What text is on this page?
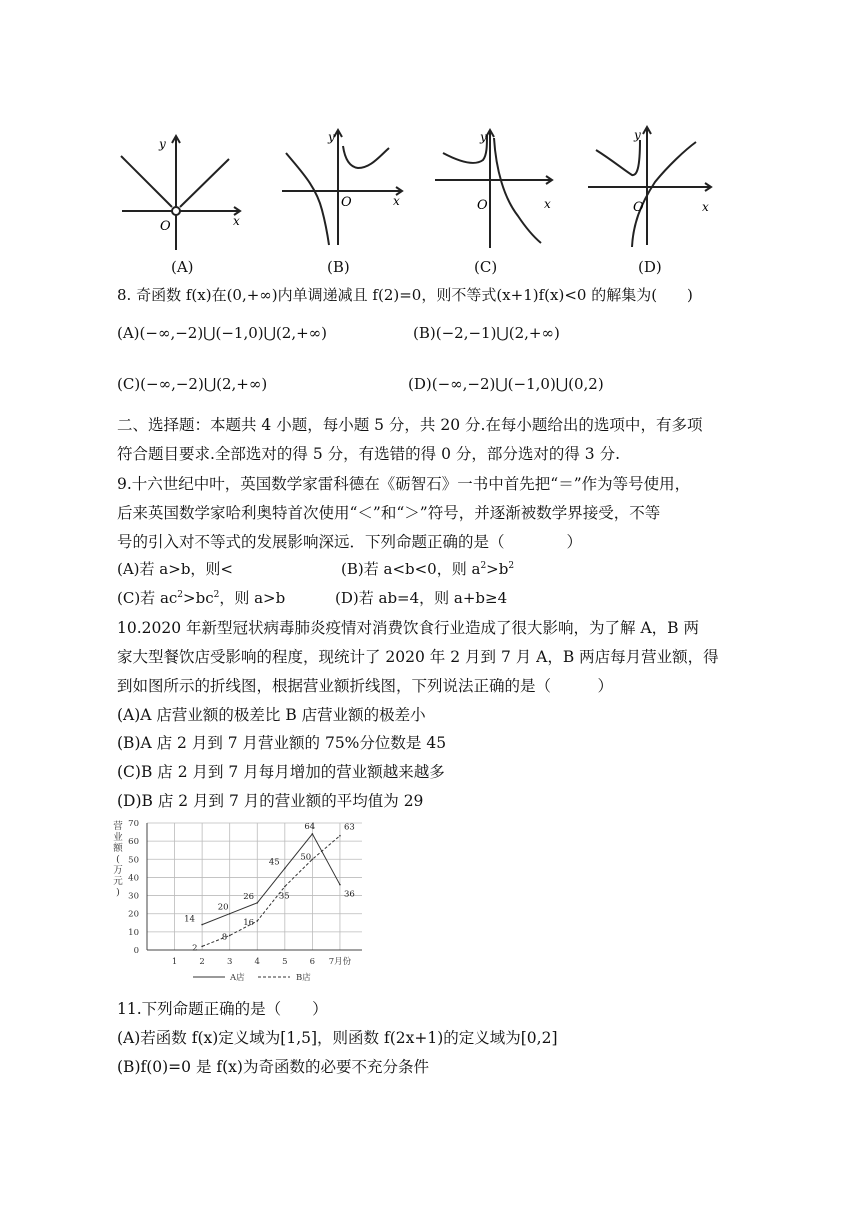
y
x
O
y
x
O
y
x
O
y
x
O
(A)	(B)	(C)	(D)
8. 奇函数 f(x)在(0,+∞)内单调递减且 f(2)=0，则不等式(x+1)f(x)<0 的解集为(　　)
(A)(−∞,−2)⋃(−1,0)⋃(2,+∞)	(B)(−2,−1)⋃(2,+∞)
(C)(−∞,−2)⋃(2,+∞)	(D)(−∞,−2)⋃(−1,0)⋃(0,2)
二、选择题：本题共 4 小题，每小题 5 分，共 20 分.在每小题给出的选项中，有多项
符合题目要求.全部选对的得 5 分，有选错的得 0 分，部分选对的得 3 分.
9.十六世纪中叶，英国数学家雷科德在《砺智石》一书中首先把“＝”作为等号使用，
后来英国数学家哈利奥特首次使用“＜”和“＞”符号，并逐渐被数学界接受，不等
号的引入对不等式的发展影响深远．下列命题正确的是（　　　　）
(A)若 a>b，则<	(B)若 a<b<0，则 $a^2>b^2$
(C)若 $ac^2>bc^2$，则 a>b	(D)若 ab=4，则 a+b≥4
10.2020 年新型冠状病毒肺炎疫情对消费饮食行业造成了很大影响，为了解 A，B 两
家大型餐饮店受影响的程度，现统计了 2020 年 2 月到 7 月 A，B 两店每月营业额，得
到如图所示的折线图，根据营业额折线图，下列说法正确的是（　　　）
(A)A 店营业额的极差比 B 店营业额的极差小
(B)A 店 2 月到 7 月营业额的 75%分位数是 45
(C)B 店 2 月到 7 月每月增加的营业额越来越多
(D)B 店 2 月到 7 月的营业额的平均值为 29
0
10
20
30
40
50
60
70
1	2	3	4	5	6 7月份
营
业
额
(
万
元
)
14
20
26
45
64
36
2
8
16
35
50
63
A店	B店
11.下列命题正确的是（　　）
(A)若函数 f(x)定义域为[1,5]，则函数 f(2x+1)的定义域为[0,2]
(B)f(0)=0 是 f(x)为奇函数的必要不充分条件
